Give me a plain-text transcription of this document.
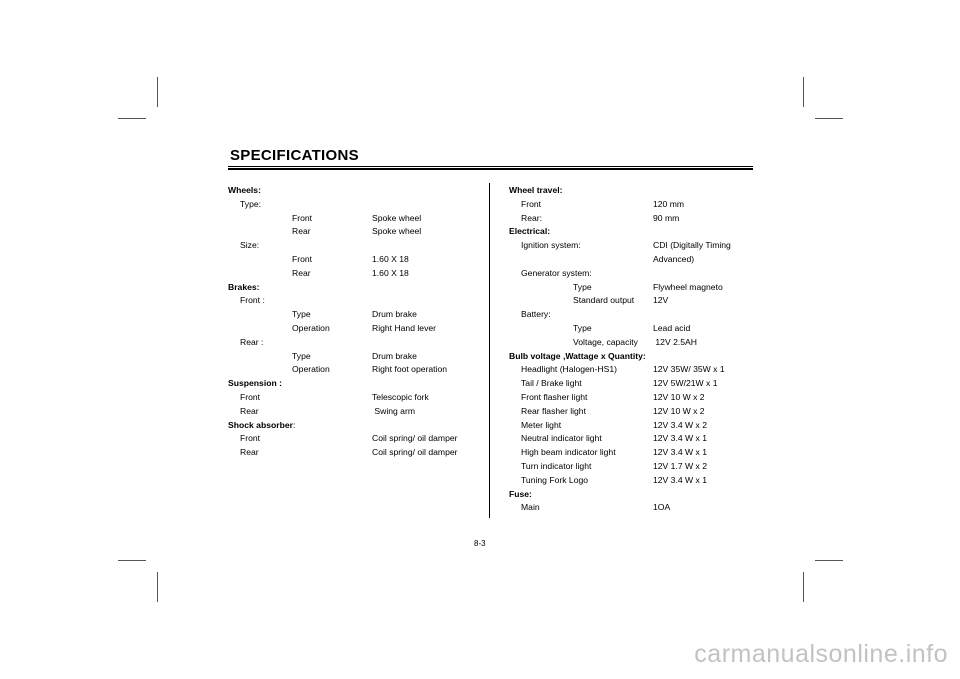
SPECIFICATIONS
Wheels:
Type:
Front	Spoke wheel
Rear	Spoke wheel
Size:
Front	1.60 X 18
Rear	1.60 X 18
Brakes:
Front :
Type	Drum brake
Operation	Right Hand lever
Rear :
Type	Drum brake
Operation	Right foot operation
Suspension :
Front	Telescopic fork
Rear	Swing arm
Shock absorber:
Front	Coil spring/ oil damper
Rear	Coil spring/ oil damper
Wheel travel:
Front	120 mm
Rear:	90 mm
Electrical:
Ignition system:	CDI (Digitally Timing
Advanced)
Generator system:
Type	Flywheel magneto
Standard output 12V
Battery:
Type	Lead acid
Voltage, capacity 12V 2.5AH
Bulb voltage ,Wattage x Quantity:
Headlight (Halogen-HS1)	12V 35W/ 35W x 1
Tail / Brake light	12V 5W/21W x 1
Front flasher light	12V 10 W x 2
Rear flasher light	12V 10 W x 2
Meter light	12V 3.4 W x 2
Neutral indicator light	12V 3.4 W x 1
High beam indicator light	12V 3.4 W x 1
Turn indicator light	12V 1.7 W x 2
Tuning Fork Logo	12V 3.4 W x 1
Fuse:
Main	1OA
8-3
carmanualsonline.info
